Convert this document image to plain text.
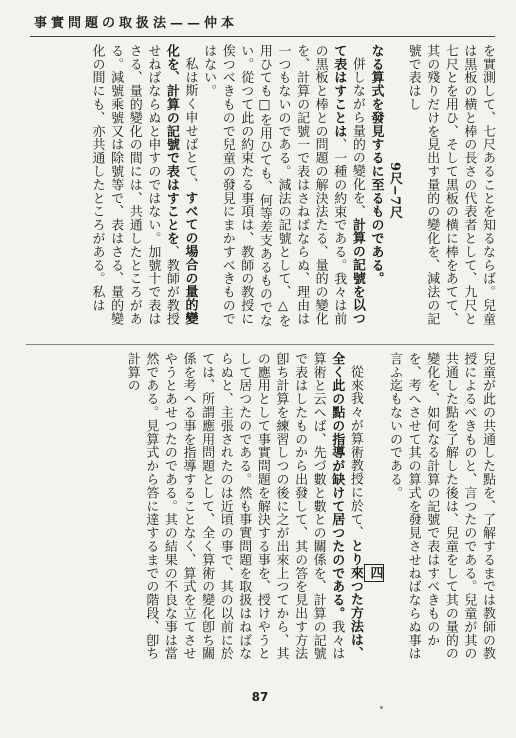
事實問題の取扱法——仲本

を實測して、七尺あることを知るならば。兒童は黒板の横と棒の長さの代表者として、九尺と七尺とを用ひ、そして黒板の横に棒をあてて、其の殘りだけを見出す量的の變化を、減法の記號で表はし

9尺−7尺

なる算式を發見するに至るものである。

併しながら量的の變化を、計算の記號を以つて表はすことは、一種の約束である。我々は前の黒板と棒との問題の解決法たる、量的の變化を、計算の記號一で表はさねばならぬ、理由は一つもないのである。減法の記號として、△を用ひても□を用ひても、何等差支あるものでない。從つて此の約束たる事項は、教師の教授に俟つべきもので兒童の發見にまかすべきものではない。

私は斯く申せばとて、すべての場合の量的變化を、計算の記號で表はすことを、教師が教授せねばならぬと申すのではない。加號十で表はさる、量的變化の間には、共通したところがある。減號乘號又は除號等で、表はさる、量的變化の間にも、亦共通したところがある。私は

兒童が此の共通した點を、了解するまでは教師の教授によるべきものと、言つたのである。兒童が其の共通した點を了解した後は、兒童をして其の量的の變化を、如何なる計算の記號で表はすべきものかを、考へさせて其の算式を發見させねばならぬ事は言ふ迄もないのである。

四

從來我々が算術教授に於て、とり來つた方法は、全く此の點の指導が缺けて居つたのである。我々は算術と云へば、先づ數と數との關係を、計算の記號で表はしたものから出發して、其の答を見出す方法卽ち計算を練習しつの後に之が出來上つてから、其の應用として事實問題を解決する事を、授けやうとして居つたのである。然も事實問題を取扱はねばならぬと、主張されたのは近頃の事で、其の以前に於ては、所謂應用問題として、全く算術の變化卽ち關係を考へる事を指導することなく、算式を立てさせやうとあせつたのである。其の結果の不良な事は當然である。見算式から答に達するまでの階段、卽ち計算の

87
